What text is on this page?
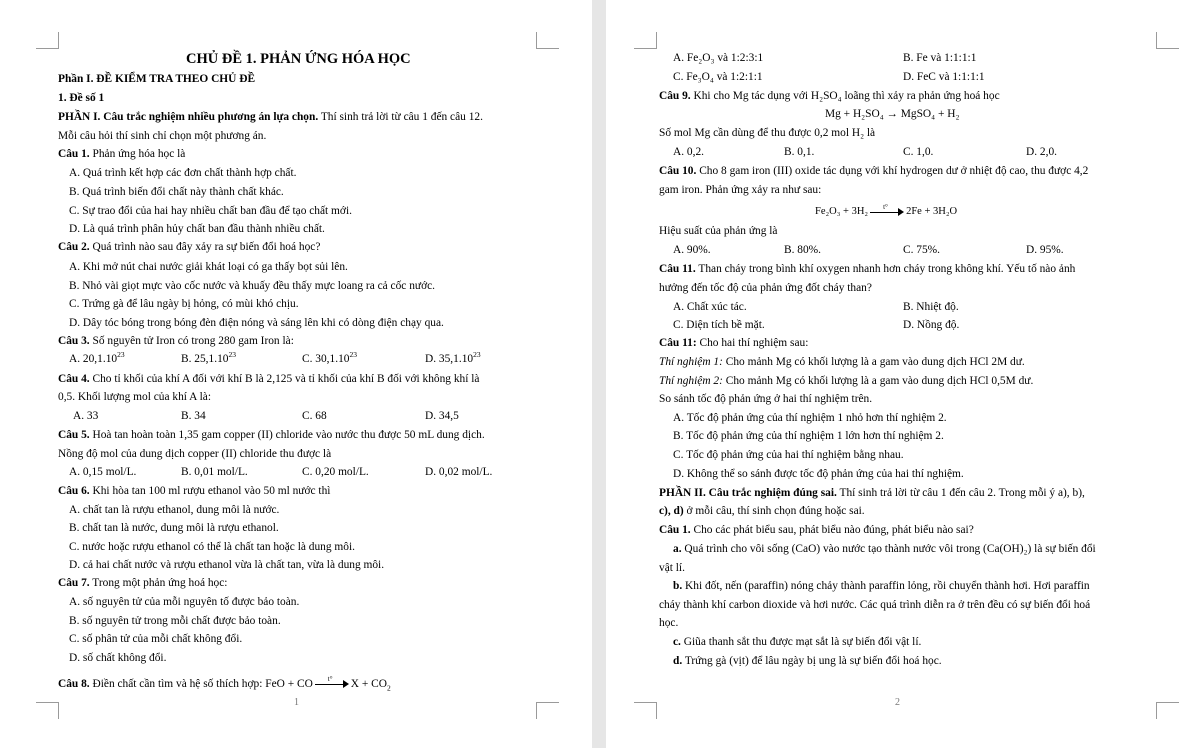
CHỦ ĐỀ 1. PHẢN ỨNG HÓA HỌC
Phần I. ĐỀ KIỂM TRA THEO CHỦ ĐỀ
1. Đề số 1
PHẦN I. Câu trắc nghiệm nhiều phương án lựa chọn. Thí sinh trả lời từ câu 1 đến câu 12.
Mỗi câu hỏi thí sinh chỉ chọn một phương án.
Câu 1. Phản ứng hóa học là
A. Quá trình kết hợp các đơn chất thành hợp chất.
B. Quá trình biến đổi chất này thành chất khác.
C. Sự trao đổi của hai hay nhiều chất ban đầu để tạo chất mới.
D. Là quá trình phân hủy chất ban đầu thành nhiều chất.
Câu 2. Quá trình nào sau đây xảy ra sự biến đổi hoá học?
A. Khi mở nút chai nước giải khát loại có ga thấy bọt sủi lên.
B. Nhỏ vài giọt mực vào cốc nước và khuấy đều thấy mực loang ra cả cốc nước.
C. Trứng gà để lâu ngày bị hỏng, có mùi khó chịu.
D. Dây tóc bóng trong bóng đèn điện nóng và sáng lên khi có dòng điện chạy qua.
Câu 3. Số nguyên tử Iron có trong 280 gam Iron là:
A. 20,1.10$^{23}$	B. 25,1.10$^{23}$	C. 30,1.10$^{23}$	D. 35,1.10$^{23}$
Câu 4. Cho tỉ khối của khí A đối với khí B là 2,125 và tỉ khối của khí B đối với không khí là
0,5. Khối lượng mol của khí A là:
A. 33	B. 34	C. 68	D. 34,5
Câu 5. Hoà tan hoàn toàn 1,35 gam copper (II) chloride vào nước thu được 50 mL dung dịch.
Nồng độ mol của dung dịch copper (II) chloride thu được là
A. 0,15 mol/L.	B. 0,01 mol/L.	C. 0,20 mol/L.	D. 0,02 mol/L.
Câu 6. Khi hòa tan 100 ml rượu ethanol vào 50 ml nước thì
A. chất tan là rượu ethanol, dung môi là nước.
B. chất tan là nước, dung môi là rượu ethanol.
C. nước hoặc rượu ethanol có thể là chất tan hoặc là dung môi.
D. cả hai chất nước và rượu ethanol vừa là chất tan, vừa là dung môi.
Câu 7. Trong một phản ứng hoá học:
A. số nguyên tử của mỗi nguyên tố được bảo toàn.
B. số nguyên tử trong mỗi chất được bảo toàn.
C. số phân tử của mỗi chất không đổi.
D. số chất không đổi.
Câu 8. Điền chất cần tìm và hệ số thích hợp: FeO + CO t° $X + CO_2$
1
A. Fe₂O₃ và 1:2:3:1	B. Fe và 1:1:1:1
C. Fe₃O₄ và 1:2:1:1	D. FeC và 1:1:1:1
Câu 9. Khi cho Mg tác dụng với H₂SO₄ loãng thì xảy ra phản ứng hoá học
Mg + H₂SO₄ → MgSO₄ + H₂
Số mol Mg cần dùng để thu được 0,2 mol H₂ là
A. 0,2.	B. 0,1.	C. 1,0.	D. 2,0.
Câu 10. Cho 8 gam iron (III) oxide tác dụng với khí hydrogen dư ở nhiệt độ cao, thu được 4,2
gam iron. Phản ứng xảy ra như sau:
Fe₂O₃ + 3H₂ t° 2Fe + 3H₂O
Hiệu suất của phản ứng là
A. 90%.	B. 80%.	C. 75%.	D. 95%.
Câu 11. Than cháy trong bình khí oxygen nhanh hơn cháy trong không khí. Yếu tố nào ảnh
hưởng đến tốc độ của phản ứng đốt cháy than?
A. Chất xúc tác.	B. Nhiệt độ.
C. Diện tích bề mặt.	D. Nồng độ.
Câu 11: Cho hai thí nghiệm sau:
Thí nghiệm 1: Cho mảnh Mg có khối lượng là a gam vào dung dịch HCl 2M dư.
Thí nghiệm 2: Cho mảnh Mg có khối lượng là a gam vào dung dịch HCl 0,5M dư.
So sánh tốc độ phản ứng ở hai thí nghiệm trên.
A. Tốc độ phản ứng của thí nghiệm 1 nhỏ hơn thí nghiệm 2.
B. Tốc độ phản ứng của thí nghiệm 1 lớn hơn thí nghiệm 2.
C. Tốc độ phản ứng của hai thí nghiệm bằng nhau.
D. Không thể so sánh được tốc độ phản ứng của hai thí nghiệm.
PHẦN II. Câu trắc nghiệm đúng sai. Thí sinh trả lời từ câu 1 đến câu 2. Trong mỗi ý a), b),
c), d) ở mỗi câu, thí sinh chọn đúng hoặc sai.
Câu 1. Cho các phát biểu sau, phát biểu nào đúng, phát biểu nào sai?
a. Quá trình cho vôi sống (CaO) vào nước tạo thành nước vôi trong (Ca(OH)₂) là sự biến đổi
vật lí.
b. Khi đốt, nến (paraffin) nóng chảy thành paraffin lỏng, rồi chuyển thành hơi. Hơi paraffin
cháy thành khí carbon dioxide và hơi nước. Các quá trình diễn ra ở trên đều có sự biến đổi hoá
học.
c. Giũa thanh sắt thu được mạt sắt là sự biến đổi vật lí.
d. Trứng gà (vịt) để lâu ngày bị ung là sự biến đổi hoá học.
2
